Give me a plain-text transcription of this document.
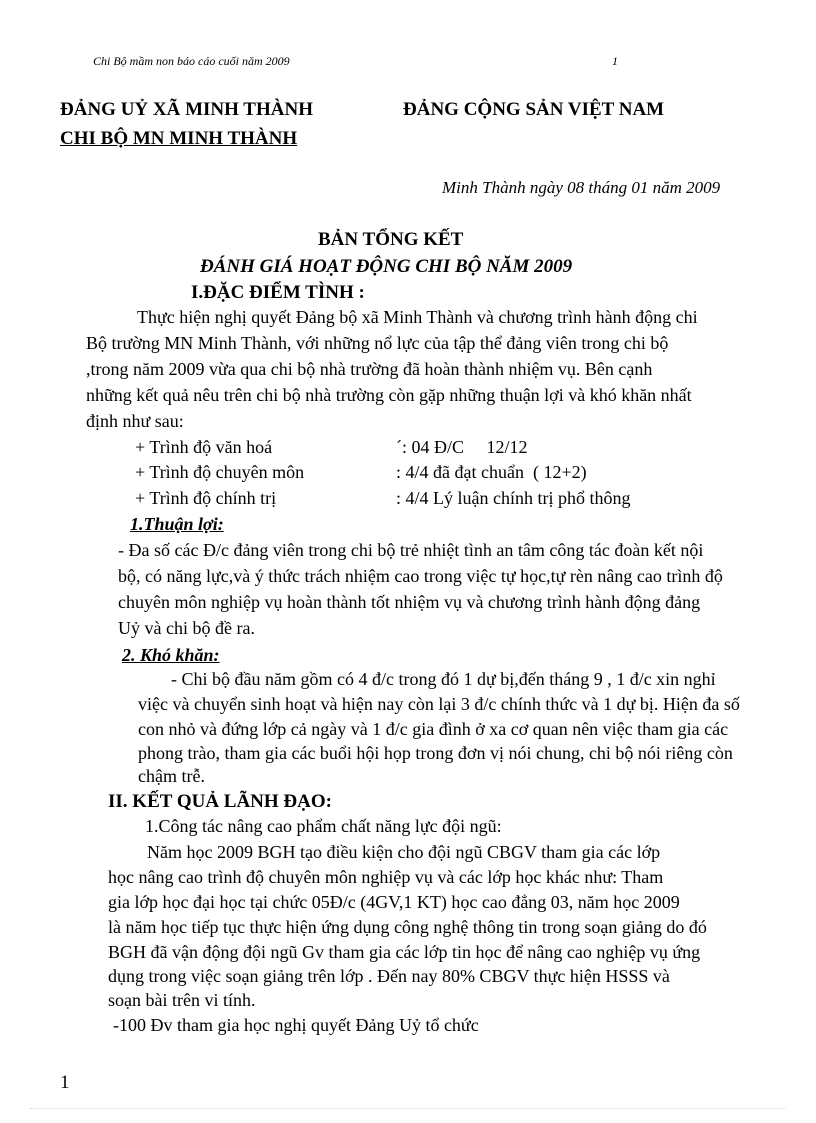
Chi Bộ mầm non báo cáo cuối năm 2009	1
ĐẢNG UỶ XÃ MINH THÀNH
CHI BỘ MN MINH THÀNH
ĐẢNG CỘNG SẢN VIỆT NAM
Minh Thành ngày 08 tháng 01 năm 2009
BẢN TỔNG KẾT
ĐÁNH GIÁ HOẠT ĐỘNG CHI BỘ NĂM 2009
I.ĐẶC ĐIỂM TÌNH :
Thực hiện nghị quyết Đảng bộ xã Minh Thành và chương trình hành động chi
Bộ trường MN Minh Thành, với những nổ lực của tập thể đảng viên trong chi bộ
,trong năm 2009 vừa qua chi bộ nhà trường đã hoàn thành nhiệm vụ. Bên cạnh
những kết quả nêu trên chi bộ nhà trường còn gặp những thuận lợi và khó khăn nhất
định như sau:
+ Trình độ văn hoá	´: 04 Đ/C     12/12
+ Trình độ chuyên môn	: 4/4 đã đạt chuẩn  ( 12+2)
+ Trình độ chính trị	: 4/4 Lý luận chính trị phổ thông
1.Thuận lợi:
- Đa số các Đ/c đảng viên trong chi bộ trẻ nhiệt tình an tâm công tác đoàn kết nội
bộ, có năng lực,và ý thức trách nhiệm cao trong việc tự học,tự rèn nâng cao trình độ
chuyên môn nghiệp vụ hoàn thành tốt nhiệm vụ và chương trình hành động đảng
Uỷ và chi bộ đề ra.
2. Khó khăn:
- Chi bộ đầu năm gồm có 4 đ/c trong đó 1 dự bị,đến tháng 9 , 1 đ/c xin nghỉ
việc và chuyển sinh hoạt và hiện nay còn lại 3 đ/c chính thức và 1 dự bị. Hiện đa số
con nhỏ và đứng lớp cả ngày và 1 đ/c gia đình ở xa cơ quan nên việc tham gia các
phong trào, tham gia các buổi hội họp trong đơn vị nói chung, chi bộ nói riêng còn
chậm trễ.
II. KẾT QUẢ LÃNH ĐẠO:
1.Công tác nâng cao phẩm chất năng lực đội ngũ:
Năm học 2009 BGH tạo điều kiện cho đội ngũ CBGV tham gia các lớp
học nâng cao trình độ chuyên môn nghiệp vụ và các lớp học khác như: Tham
gia lớp học đại học tại chức 05Đ/c (4GV,1 KT) học cao đẳng 03, năm học 2009
là năm học tiếp tục thực hiện ứng dụng công nghệ thông tin trong soạn giảng do đó
BGH đã vận động đội ngũ Gv tham gia các lớp tin học để nâng cao nghiệp vụ ứng
dụng trong việc soạn giảng trên lớp . Đến nay 80% CBGV thực hiện HSSS và
soạn bài trên vi tính.
-100 Đv tham gia học nghị quyết Đảng Uỷ tổ chức
1
